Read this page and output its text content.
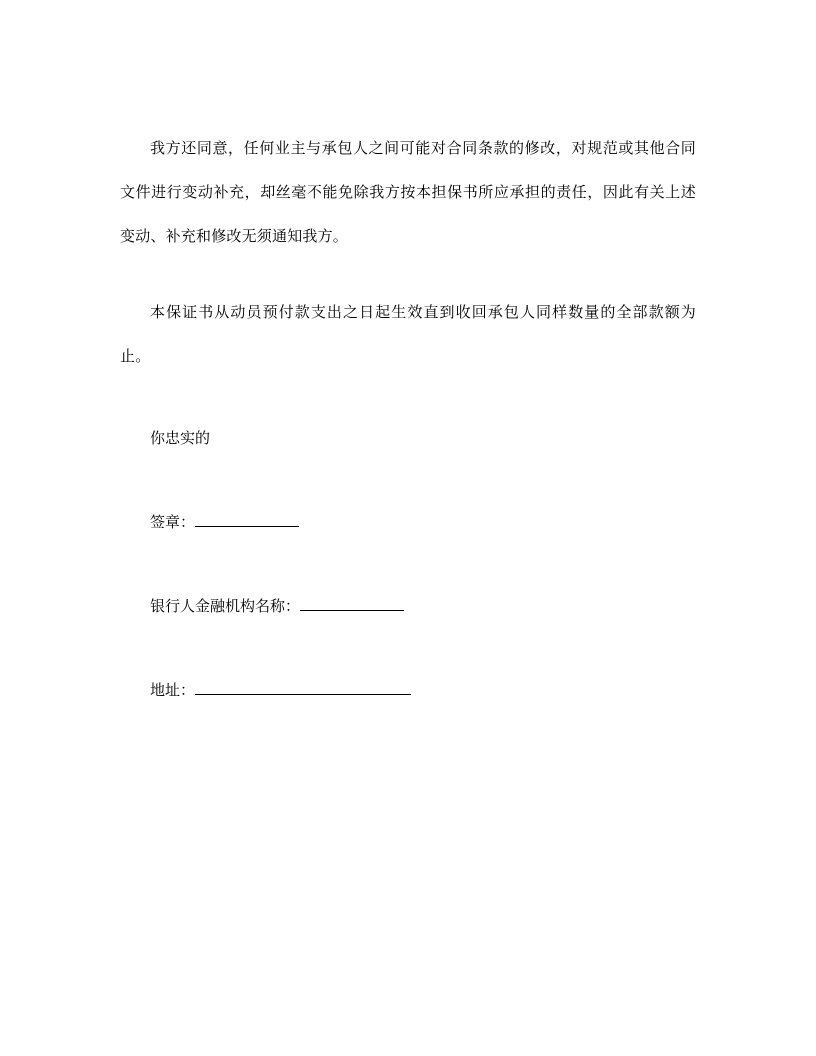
我方还同意，任何业主与承包人之间可能对合同条款的修改，对规范或其他合同文件进行变动补充，却丝毫不能免除我方按本担保书所应承担的责任，因此有关上述变动、补充和修改无须通知我方。

本保证书从动员预付款支出之日起生效直到收回承包人同样数量的全部款额为止。

你忠实的
签章：
银行人金融机构名称：
地址：
